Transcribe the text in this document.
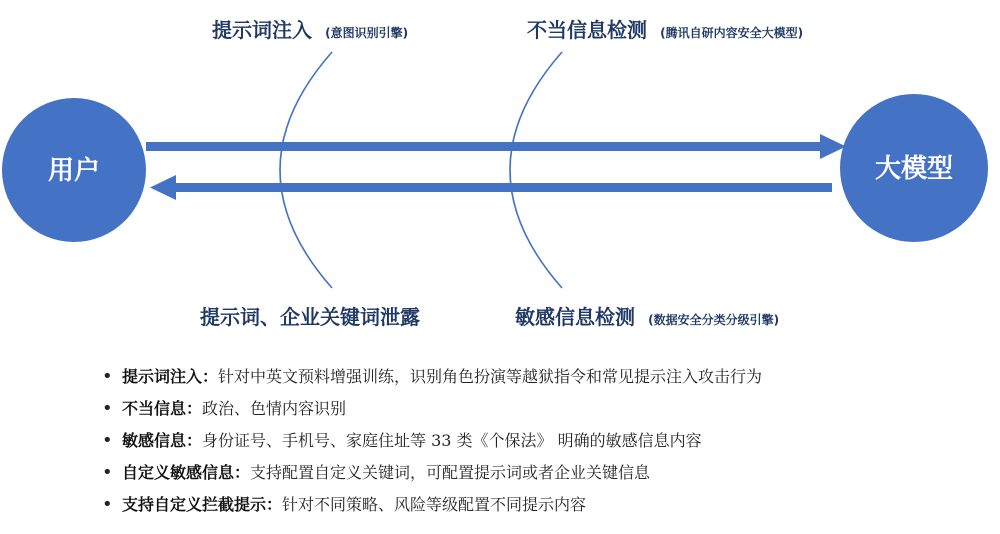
用户	大模型
提示词注入 (意图识别引擎)	不当信息检测 (腾讯自研内容安全大模型)
提示词、企业关键词泄露	敏感信息检测 (数据安全分类分级引擎)
• 提示词注入：针对中英文预料增强训练，识别角色扮演等越狱指令和常见提示注入攻击行为
• 不当信息：政治、色情内容识别
• 敏感信息：身份证号、手机号、家庭住址等 33 类《个保法》 明确的敏感信息内容
• 自定义敏感信息：支持配置自定义关键词，可配置提示词或者企业关键信息
• 支持自定义拦截提示：针对不同策略、风险等级配置不同提示内容
